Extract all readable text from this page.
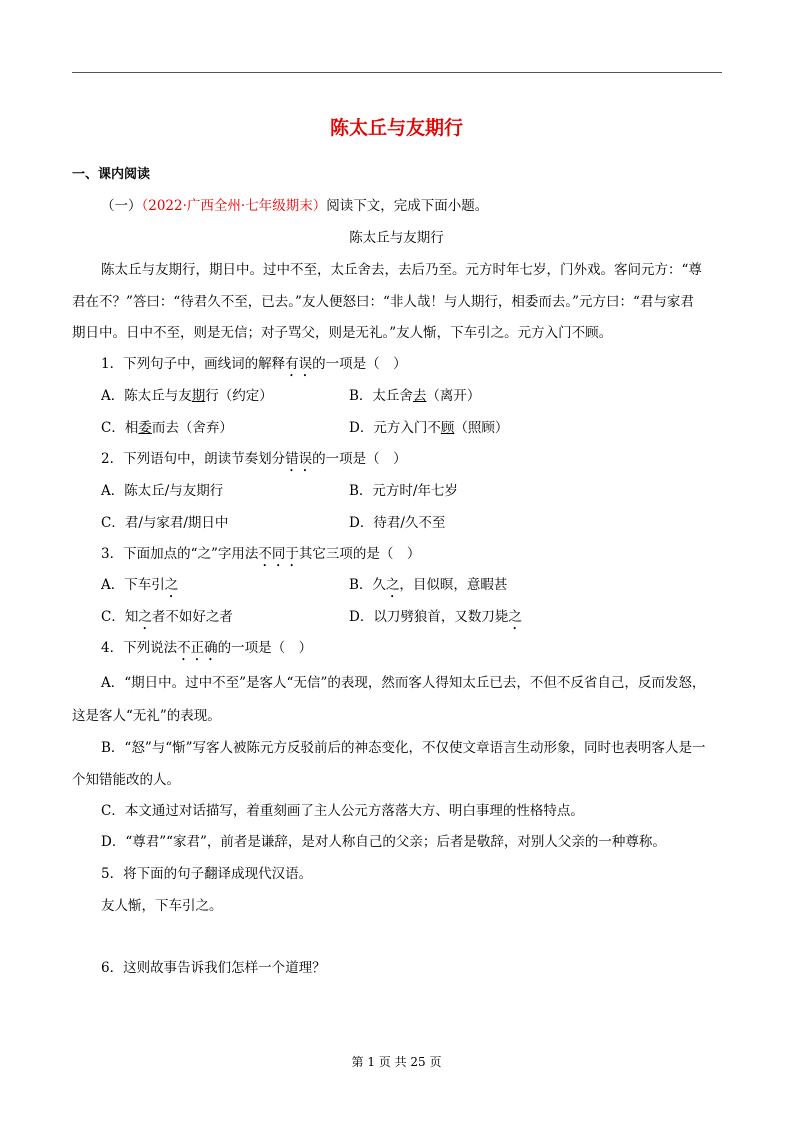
陈太丘与友期行
一、课内阅读
（一）（2022·广西全州·七年级期末）阅读下文，完成下面小题。
陈太丘与友期行
陈太丘与友期行，期日中。过中不至，太丘舍去，去后乃至。元方时年七岁，门外戏。客问元方：“尊
君在不？”答曰：“待君久不至，已去。”友人便怒曰：“非人哉！与人期行，相委而去。”元方曰：“君与家君
期日中。日中不至，则是无信；对子骂父，则是无礼。”友人惭，下车引之。元方入门不顾。
1．下列句子中，画线词的解释有误的一项是（　）
A．陈太丘与友期行（约定）	B．太丘舍去（离开）
C．相委而去（舍弃）	D．元方入门不顾（照顾）
2．下列语句中，朗读节奏划分错误的一项是（　）
A．陈太丘/与友期行	B．元方时/年七岁
C．君/与家君/期日中	D．待君/久不至
3．下面加点的“之”字用法不同于其它三项的是（　）
A．下车引之	B．久之，目似暝，意暇甚
C．知之者不如好之者	D．以刀劈狼首，又数刀毙之
4．下列说法不正确的一项是（　）
A．“期日中。过中不至”是客人“无信”的表现，然而客人得知太丘已去，不但不反省自己，反而发怒，
这是客人“无礼”的表现。
B．“怒”与“惭”写客人被陈元方反驳前后的神态变化，不仅使文章语言生动形象，同时也表明客人是一
个知错能改的人。
C．本文通过对话描写，着重刻画了主人公元方落落大方、明白事理的性格特点。
D．“尊君”“家君”，前者是谦辞，是对人称自己的父亲；后者是敬辞，对别人父亲的一种尊称。
5．将下面的句子翻译成现代汉语。
友人惭，下车引之。
6．这则故事告诉我们怎样一个道理？
第 1 页 共 25 页
